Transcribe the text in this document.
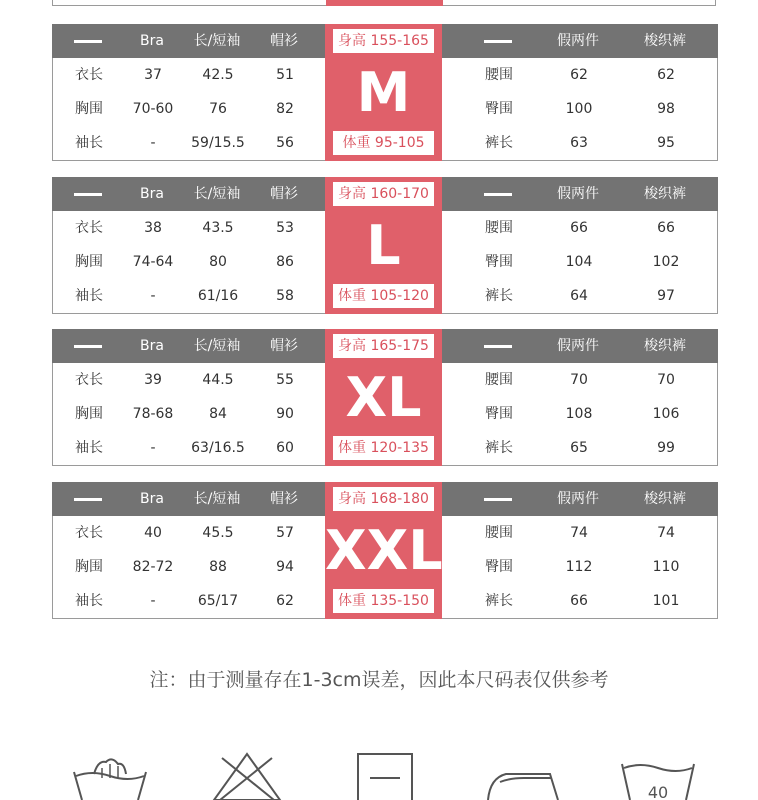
Bra	长/短袖	帽衫	假两件	梭织裤
衣长	37	42.5	51	腰围	62	62
胸围	70-60	76	82	臀围	100	98
袖长	-	59/15.5	56	裤长	63	95
身高 155-165
M
体重 95-105
Bra	长/短袖	帽衫	假两件	梭织裤
衣长	38	43.5	53	腰围	66	66
胸围	74-64	80	86	臀围	104	102
袖长	-	61/16	58	裤长	64	97
身高 160-170
L
体重 105-120
Bra	长/短袖	帽衫	假两件	梭织裤
衣长	39	44.5	55	腰围	70	70
胸围	78-68	84	90	臀围	108	106
袖长	-	63/16.5	60	裤长	65	99
身高 165-175
XL
体重 120-135
Bra	长/短袖	帽衫	假两件	梭织裤
衣长	40	45.5	57	腰围	74	74
胸围	82-72	88	94	臀围	112	110
袖长	-	65/17	62	裤长	66	101
身高 168-180
XXL
体重 135-150
注：由于测量存在1-3cm误差，因此本尺码表仅供参考
40
